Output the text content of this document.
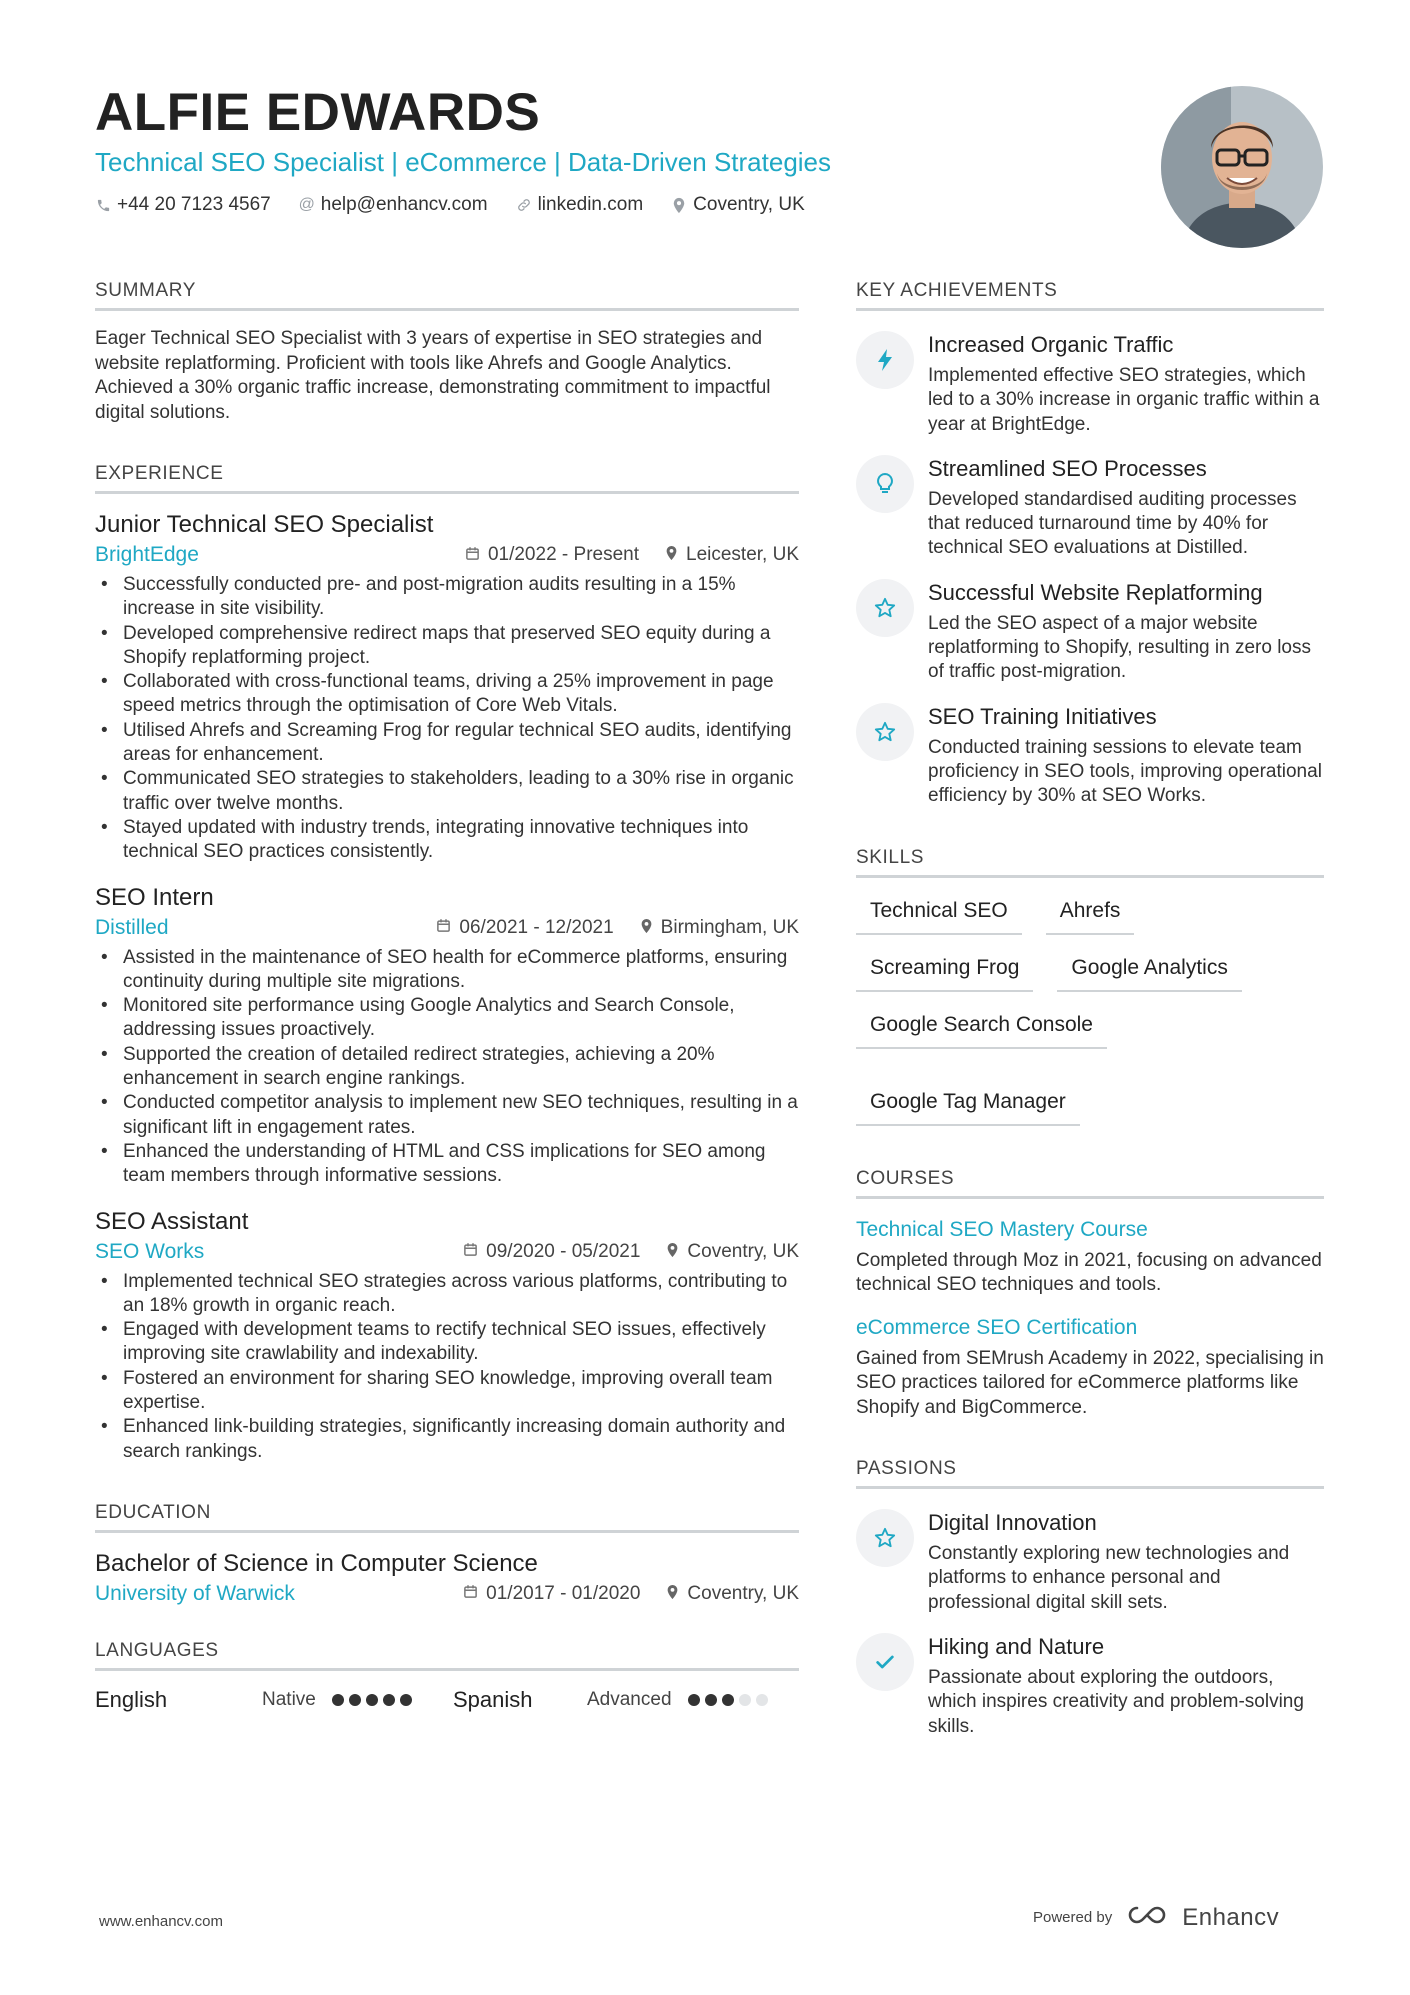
ALFIE EDWARDS
Technical SEO Specialist | eCommerce | Data-Driven Strategies
+44 20 7123 4567 @ help@enhancv.com	linkedin.com	Coventry, UK
SUMMARY
Eager Technical SEO Specialist with 3 years of expertise in SEO strategies and website replatforming. Proficient with tools like Ahrefs and Google Analytics. Achieved a 30% organic traffic increase, demonstrating commitment to impactful digital solutions.
EXPERIENCE
Junior Technical SEO Specialist
BrightEdge	01/2022 - Present Leicester, UK
• Successfully conducted pre- and post-migration audits resulting in a 15% increase in site visibility.
• Developed comprehensive redirect maps that preserved SEO equity during a Shopify replatforming project.
• Collaborated with cross-functional teams, driving a 25% improvement in page speed metrics through the optimisation of Core Web Vitals.
• Utilised Ahrefs and Screaming Frog for regular technical SEO audits, identifying areas for enhancement.
• Communicated SEO strategies to stakeholders, leading to a 30% rise in organic traffic over twelve months.
• Stayed updated with industry trends, integrating innovative techniques into technical SEO practices consistently.
SEO Intern
Distilled	06/2021 - 12/2021 Birmingham, UK
• Assisted in the maintenance of SEO health for eCommerce platforms, ensuring continuity during multiple site migrations.
• Monitored site performance using Google Analytics and Search Console, addressing issues proactively.
• Supported the creation of detailed redirect strategies, achieving a 20% enhancement in search engine rankings.
• Conducted competitor analysis to implement new SEO techniques, resulting in a significant lift in engagement rates.
• Enhanced the understanding of HTML and CSS implications for SEO among team members through informative sessions.
SEO Assistant
SEO Works	09/2020 - 05/2021 Coventry, UK
• Implemented technical SEO strategies across various platforms, contributing to an 18% growth in organic reach.
• Engaged with development teams to rectify technical SEO issues, effectively improving site crawlability and indexability.
• Fostered an environment for sharing SEO knowledge, improving overall team expertise.
• Enhanced link-building strategies, significantly increasing domain authority and search rankings.
EDUCATION
Bachelor of Science in Computer Science
University of Warwick	01/2017 - 01/2020 Coventry, UK
LANGUAGES
English	Native	Spanish	Advanced
KEY ACHIEVEMENTS
Increased Organic Traffic
Implemented effective SEO strategies, which led to a 30% increase in organic traffic within a year at BrightEdge.
Streamlined SEO Processes
Developed standardised auditing processes that reduced turnaround time by 40% for technical SEO evaluations at Distilled.
Successful Website Replatforming
Led the SEO aspect of a major website replatforming to Shopify, resulting in zero loss of traffic post-migration.
SEO Training Initiatives
Conducted training sessions to elevate team proficiency in SEO tools, improving operational efficiency by 30% at SEO Works.
SKILLS
Technical SEO	Ahrefs
Screaming Frog	Google Analytics
Google Search Console
Google Tag Manager
COURSES
Technical SEO Mastery Course
Completed through Moz in 2021, focusing on advanced technical SEO techniques and tools.
eCommerce SEO Certification
Gained from SEMrush Academy in 2022, specialising in SEO practices tailored for eCommerce platforms like Shopify and BigCommerce.
PASSIONS
Digital Innovation
Constantly exploring new technologies and platforms to enhance personal and professional digital skill sets.
Hiking and Nature
Passionate about exploring the outdoors, which inspires creativity and problem-solving skills.
www.enhancv.com	Powered by	Enhancv
